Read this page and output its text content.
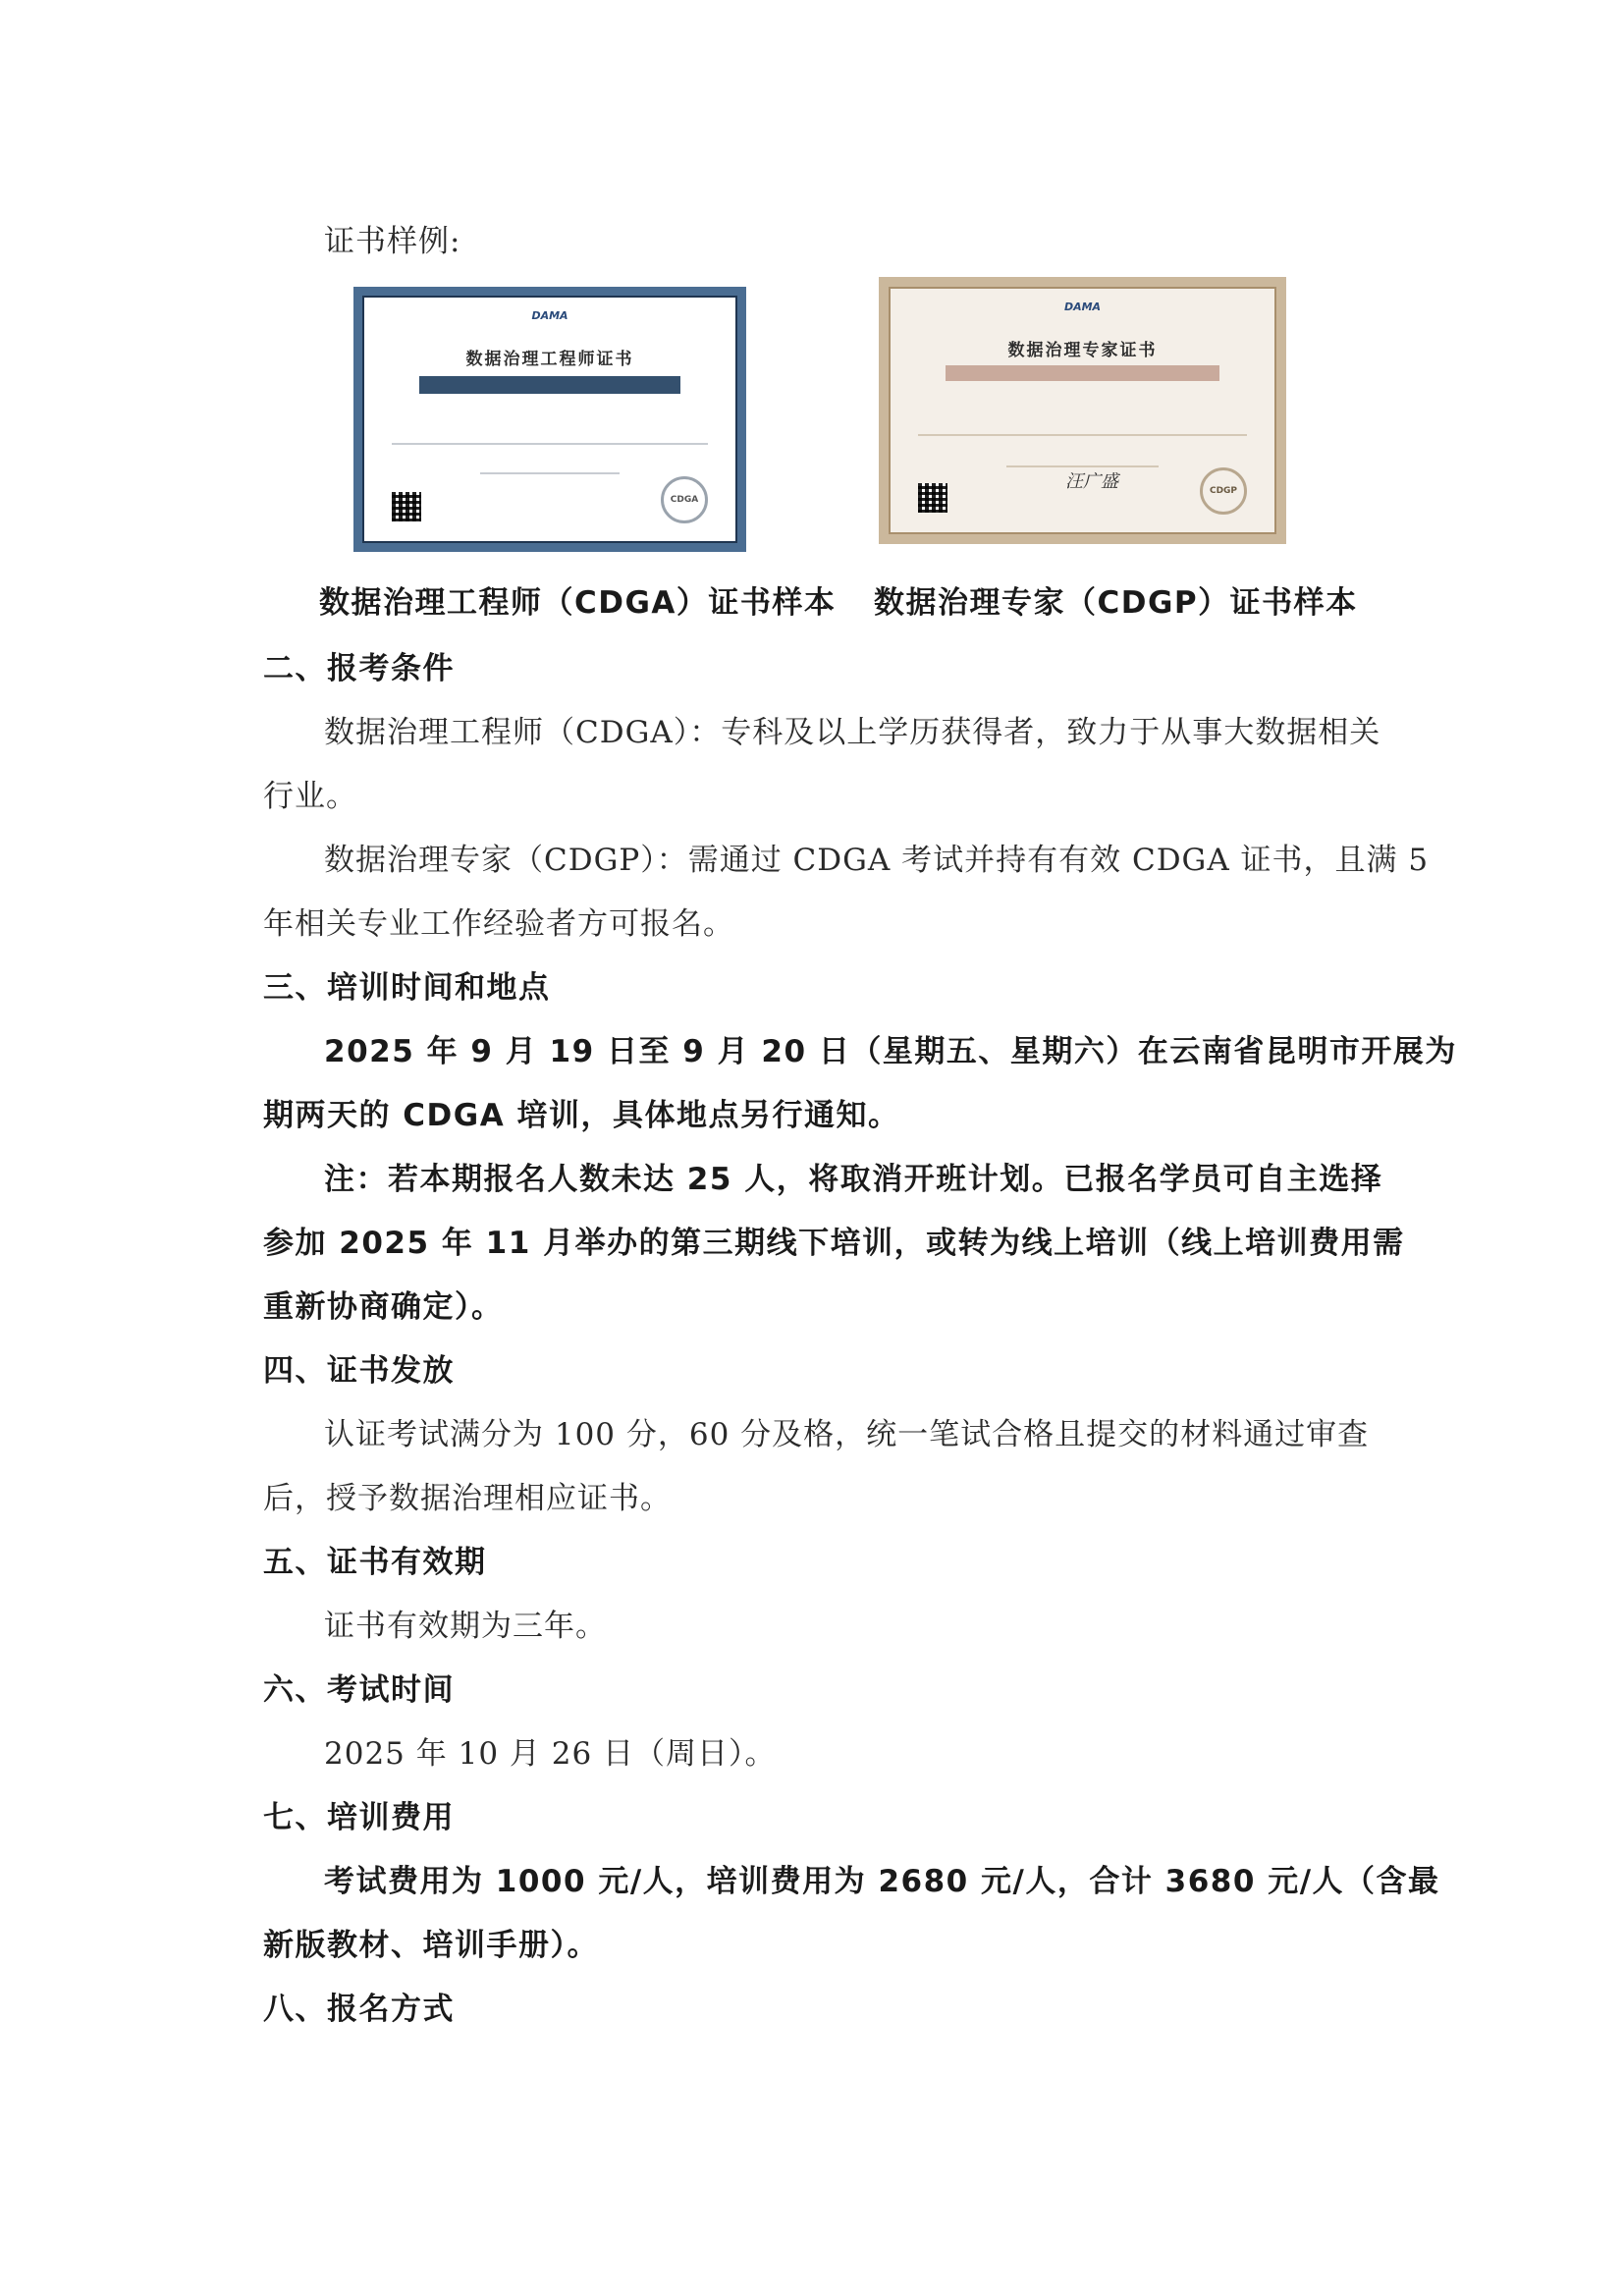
证书样例:
DAMA
数据治理工程师证书
CDGA
DAMA
数据治理专家证书
汪广盛	CDGP
数据治理工程师（CDGA）证书样本 数据治理专家（CDGP）证书样本
二、报考条件
数据治理工程师（CDGA）：专科及以上学历获得者，致力于从事大数据相关
行业。
数据治理专家（CDGP）：需通过 CDGA 考试并持有有效 CDGA 证书，且满 5
年相关专业工作经验者方可报名。
三、培训时间和地点
2025 年 9 月 19 日至 9 月 20 日（星期五、星期六）在云南省昆明市开展为
期两天的 CDGA 培训，具体地点另行通知。
注：若本期报名人数未达 25 人，将取消开班计划。已报名学员可自主选择
参加 2025 年 11 月举办的第三期线下培训，或转为线上培训（线上培训费用需
重新协商确定）。
四、证书发放
认证考试满分为 100 分，60 分及格，统一笔试合格且提交的材料通过审查
后，授予数据治理相应证书。
五、证书有效期
证书有效期为三年。
六、考试时间
2025 年 10 月 26 日（周日）。
七、培训费用
考试费用为 1000 元/人，培训费用为 2680 元/人，合计 3680 元/人（含最
新版教材、培训手册）。
八、报名方式
